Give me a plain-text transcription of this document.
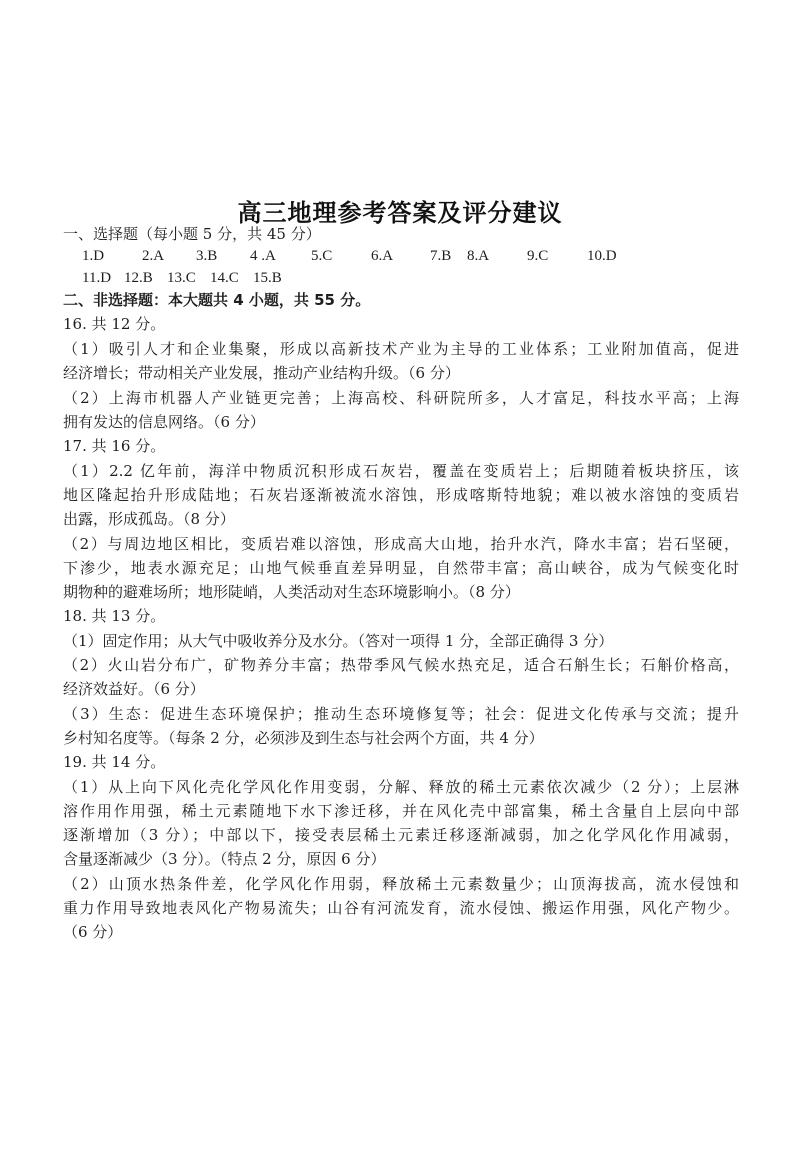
高三地理参考答案及评分建议
一、选择题（每小题 5 分，共 45 分）
1.D	2.A 3.B 4 .A 5.C	6.A 7.B 8.A	9.C	10.D
11.D 12.B 13.C 14.C 15.B
二、非选择题：本大题共 4 小题，共 55 分。
16. 共 12 分。
（1）吸引人才和企业集聚，形成以高新技术产业为主导的工业体系；工业附加值高，促进
经济增长；带动相关产业发展，推动产业结构升级。（6 分）
（2）上海市机器人产业链更完善；上海高校、科研院所多，人才富足，科技水平高；上海
拥有发达的信息网络。（6 分）
17. 共 16 分。
（1）2.2 亿年前，海洋中物质沉积形成石灰岩，覆盖在变质岩上；后期随着板块挤压，该
地区隆起抬升形成陆地；石灰岩逐渐被流水溶蚀，形成喀斯特地貌；难以被水溶蚀的变质岩
出露，形成孤岛。（8 分）
（2）与周边地区相比，变质岩难以溶蚀，形成高大山地，抬升水汽，降水丰富；岩石坚硬，
下渗少，地表水源充足；山地气候垂直差异明显，自然带丰富；高山峡谷，成为气候变化时
期物种的避难场所；地形陡峭，人类活动对生态环境影响小。（8 分）
18. 共 13 分。
（1）固定作用；从大气中吸收养分及水分。（答对一项得 1 分，全部正确得 3 分）
（2）火山岩分布广，矿物养分丰富；热带季风气候水热充足，适合石斛生长；石斛价格高，
经济效益好。（6 分）
（3）生态：促进生态环境保护；推动生态环境修复等；社会：促进文化传承与交流；提升
乡村知名度等。（每条 2 分，必须涉及到生态与社会两个方面，共 4 分）
19. 共 14 分。
（1）从上向下风化壳化学风化作用变弱，分解、释放的稀土元素依次减少（2 分）；上层淋
溶作用作用强，稀土元素随地下水下渗迁移，并在风化壳中部富集，稀土含量自上层向中部
逐渐增加（3 分）；中部以下，接受表层稀土元素迁移逐渐减弱，加之化学风化作用减弱，
含量逐渐减少（3 分）。（特点 2 分，原因 6 分）
（2）山顶水热条件差，化学风化作用弱，释放稀土元素数量少；山顶海拔高，流水侵蚀和
重力作用导致地表风化产物易流失；山谷有河流发育，流水侵蚀、搬运作用强，风化产物少。
（6 分）
